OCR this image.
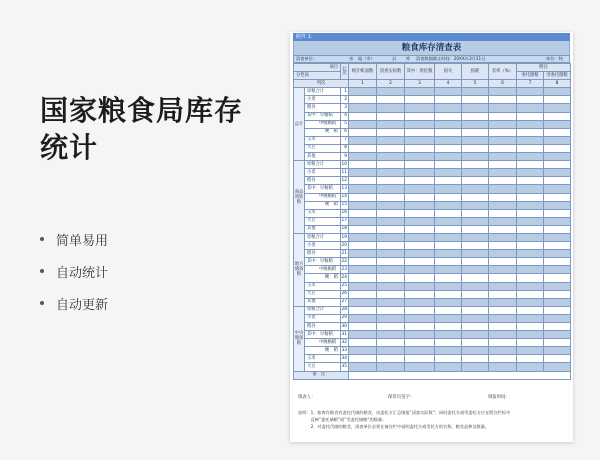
国家粮食局库存
统计
简单易用
自动统计
自动更新
附件 1：
粮食库存清查表
清查单位:	省 地（市）	县 库 清查数据截止时间：20XX年3月31日	单位：吨
项目		行次	统计帐面数	清查实际数	其中：原化粮	损失	损耗	差率（%）	附注	
分性质									委托储粮	受委托储粮
列次			1	2	3	4	5	6	7	8
总计	原粮合计	1								
	小麦	2								
	稻谷	3								
	其中：早籼稻	4								
	中晚籼稻	5								
	粳　稻	6								
	玉米	7								
	大豆	8								
	其他	9								
商品周转粮	原粮合计	10								
	小麦	11								
	稻谷	12								
	其中：早籼稻	13								
	中晚籼稻	14								
	粳　稻	15								
	玉米	16								
	大豆	17								
	其他	18								
地方储备粮	原粮合计	19								
	小麦	20								
	稻谷	21								
	其中：早籼稻	22								
	中晚籼稻	23								
	粳　稻	24								
	玉米	25								
	大豆	26								
	其他	27								
中央储备粮	原粮合计	28								
	小麦	29								
	稻谷	30								
	其中：早籼稻	31								
	中晚籼稻	32								
	粳　稻	33								
	玉米	34								
	大豆	35								
备　注：										
填表人：	保管员签字：	填报时间：
说明：1、如库存粮食有委托代储的粮食，由委托方汇总填报“清查实际数”；同时委托方或受委托方应在附注栏标中
　　　反映“委托储粮”或“受委托储粮”的数量；
　　　2、对委托代储的粮食，清查单位必须在备注栏中说明委托方或受托方的名称、粮食品种及数量。
